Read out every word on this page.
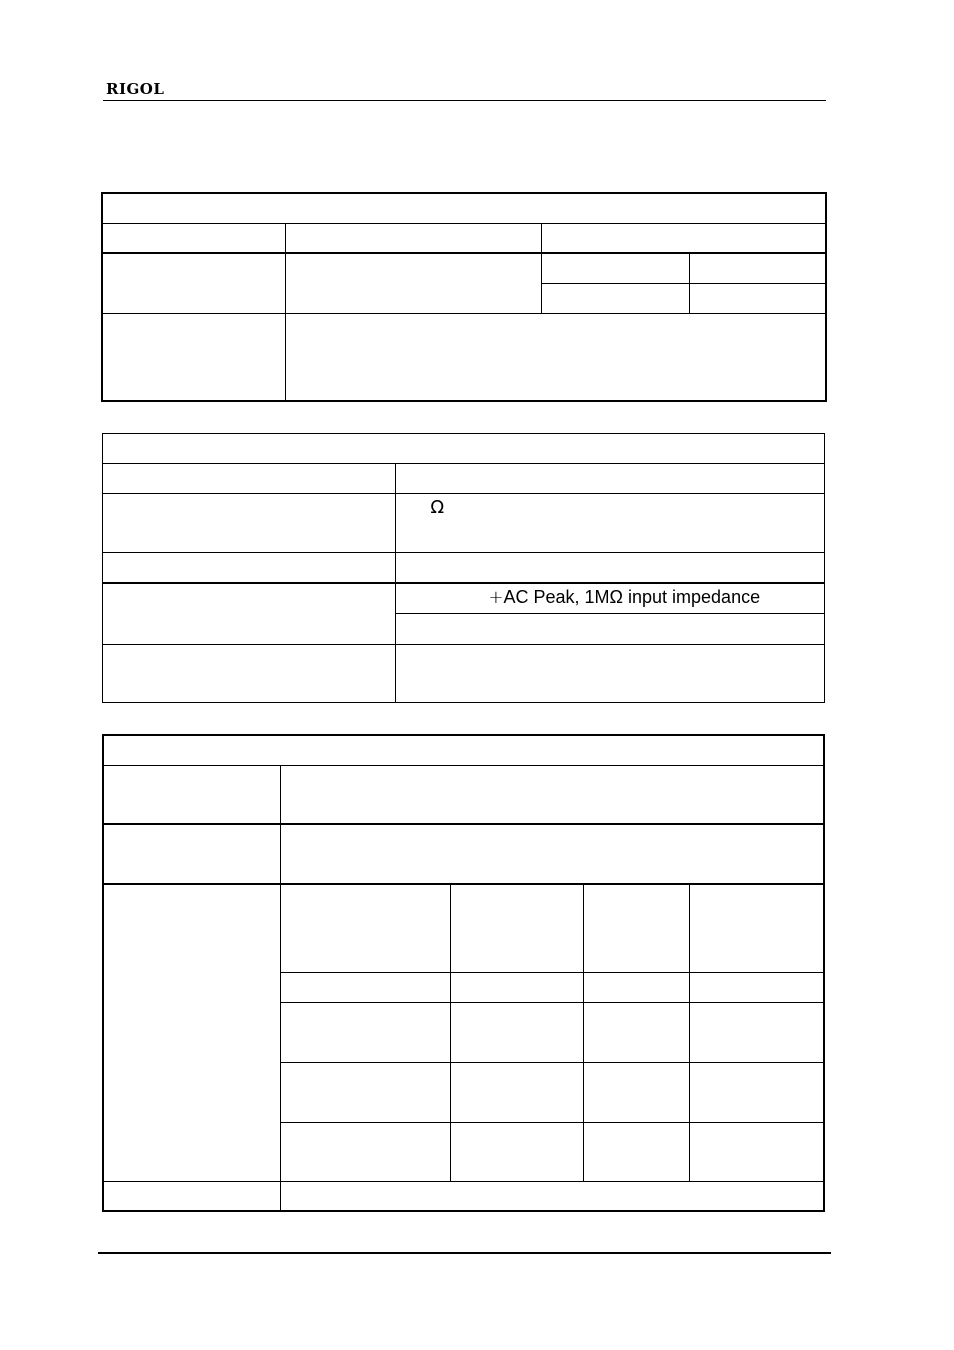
RIGOL

	Ω

	+AC Peak, 1MΩ input impedance
